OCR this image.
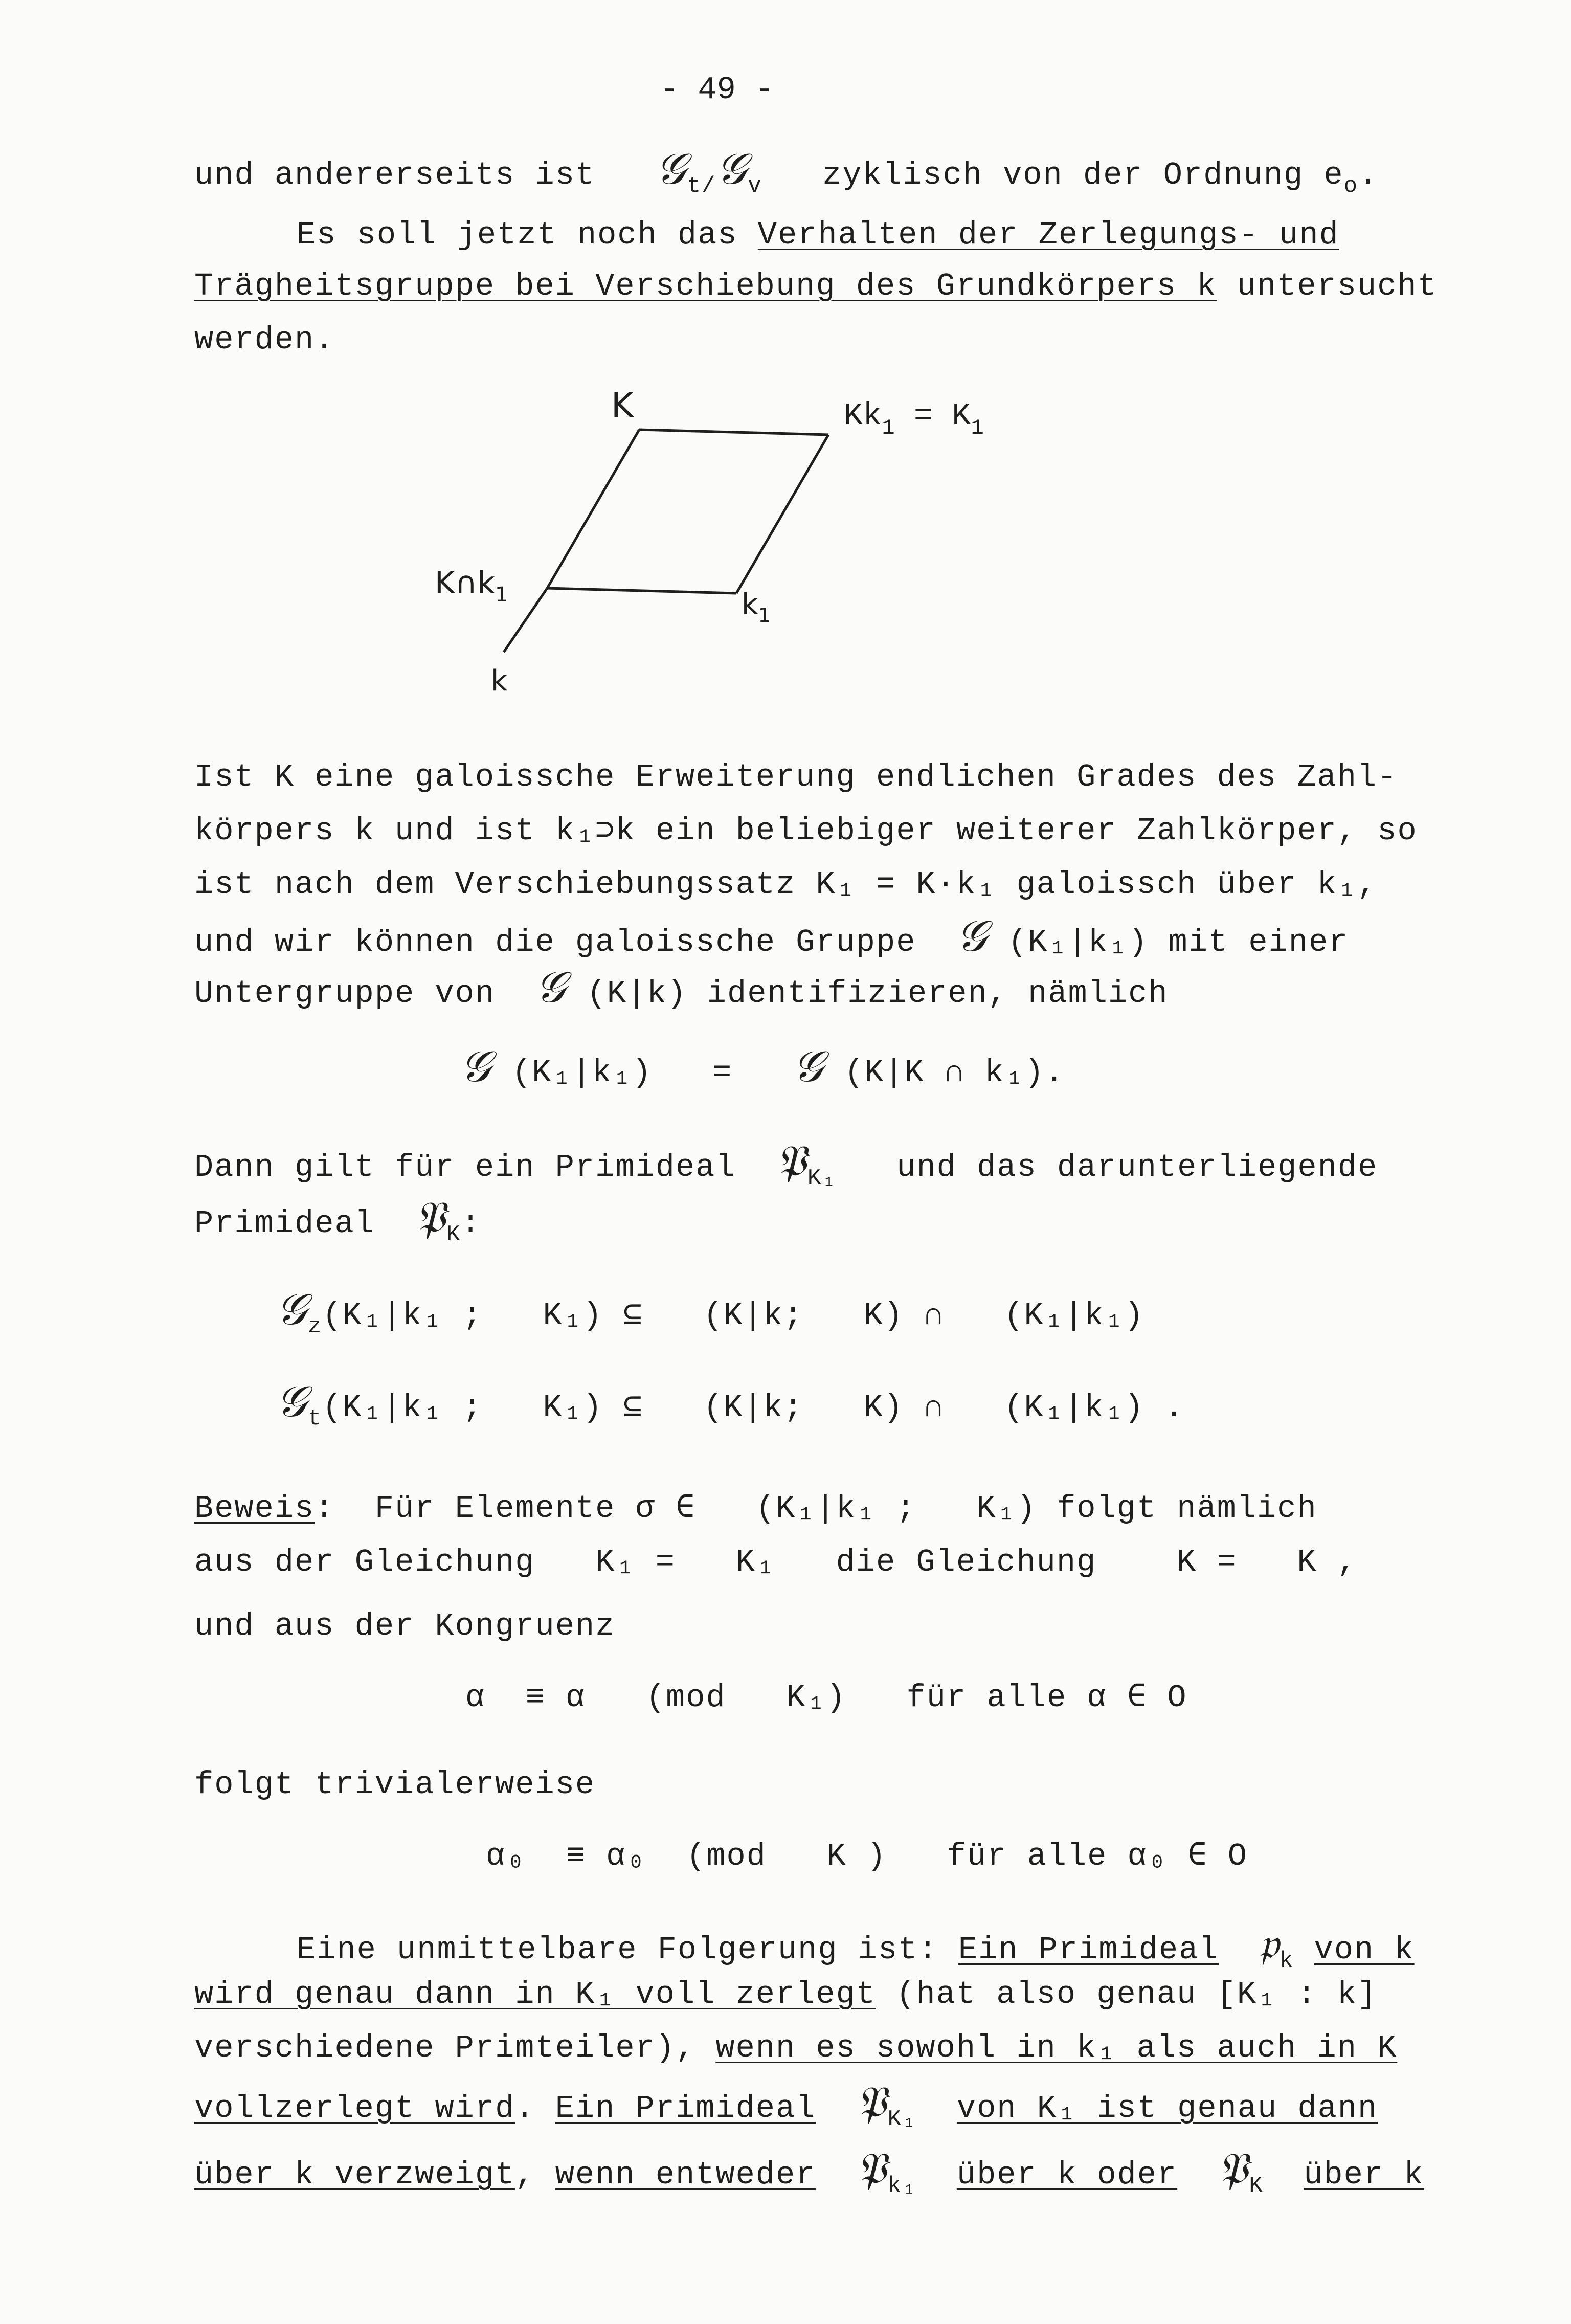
- 49 -
und andererseits ist 𝒢$_{t/}$𝒢$_v$ zyklisch von der Ordnung $e_o$.
Es soll jetzt noch das Verhalten der Zerlegungs- und
Trägheitsgruppe bei Verschiebung des Grundkörpers k untersucht
werden.
K	$Kk_1 = K_1$
$K\cap k_1$	$k_1$
k
Ist K eine galoissche Erweiterung endlichen Grades des Zahl-
körpers k und ist k₁⊃k ein beliebiger weiterer Zahlkörper, so
ist nach dem Verschiebungssatz K₁ = K·k₁ galoissch über k₁,
und wir können die galoissche Gruppe 𝒢 (K₁|k₁) mit einer
Untergruppe von 𝒢 (K|k) identifizieren, nämlich
𝒢 (K₁|k₁) = 𝒢 (K|K ∩ k₁).
Dann gilt für ein Primideal 𝔓$_{K_1}$ und das darunterliegende
Primideal 𝔓$_K$:
𝒢$_z$(K₁|k₁ ;   K₁) ⊆   (K|k;   K) ∩   (K₁|k₁)
𝒢$_t$(K₁|k₁ ;   K₁) ⊆   (K|k;   K) ∩   (K₁|k₁) .
Beweis:  Für Elemente σ ∈   (K₁|k₁ ;   K₁) folgt nämlich
aus der Gleichung   K₁ =   K₁   die Gleichung    K =   K ,
und aus der Kongruenz
α  ≡ α   (mod   K₁)   für alle α ∈ O
folgt trivialerweise
α₀  ≡ α₀  (mod   K )   für alle α₀ ∈ O
Eine unmittelbare Folgerung ist: Ein Primideal 𝔭$_k$ von k
wird genau dann in K₁ voll zerlegt (hat also genau [K₁ : k]
verschiedene Primteiler), wenn es sowohl in k₁ als auch in K
vollzerlegt wird. Ein Primideal 𝔓$_{K_1}$ von K₁ ist genau dann
über k verzweigt, wenn entweder 𝔓$_{k_1}$ über k oder 𝔓$_K$ über k
